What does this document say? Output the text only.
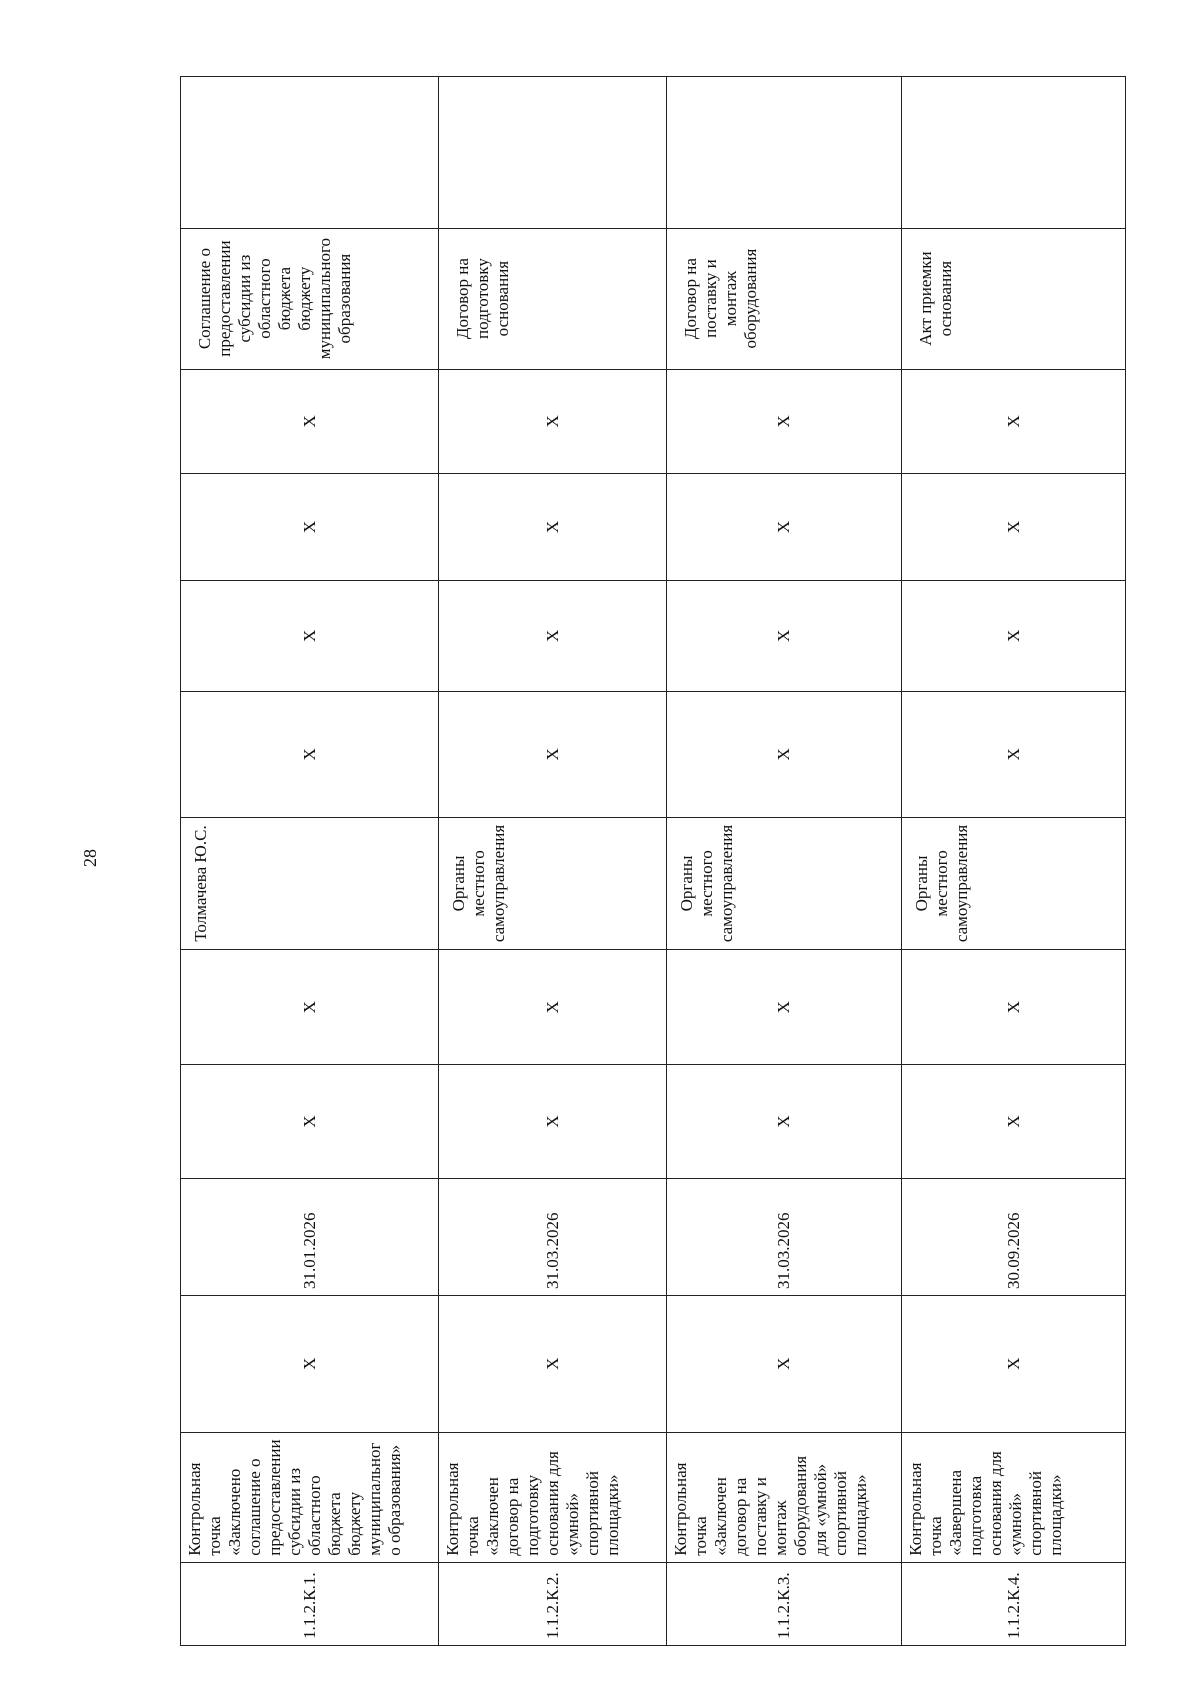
28
1.1.2.К.1.	Контрольная точка «Заключено соглашение о предоставлении субсидии из областного бюджета бюджету муниципального образования»	X	31.01.2026	X	X	Толмачева Ю.С.	X	X	X	X	Соглашение о предоставлении субсидии из областного бюджета бюджету муниципального образования	
1.1.2.К.2.	Контрольная точка «Заключен договор на подготовку основания для «умной» спортивной площадки»	X	31.03.2026	X	X	Органы местного самоуправления	X	X	X	X	Договор на подготовку основания	
1.1.2.К.3.	Контрольная точка «Заключен договор на поставку и монтаж оборудования для «умной» спортивной площадки»	X	31.03.2026	X	X	Органы местного самоуправления	X	X	X	X	Договор на поставку и монтаж оборудования	
1.1.2.К.4.	Контрольная точка «Завершена подготовка основания для «умной» спортивной площадки»	X	30.09.2026	X	X	Органы местного самоуправления	X	X	X	X	Акт приемки основания	
